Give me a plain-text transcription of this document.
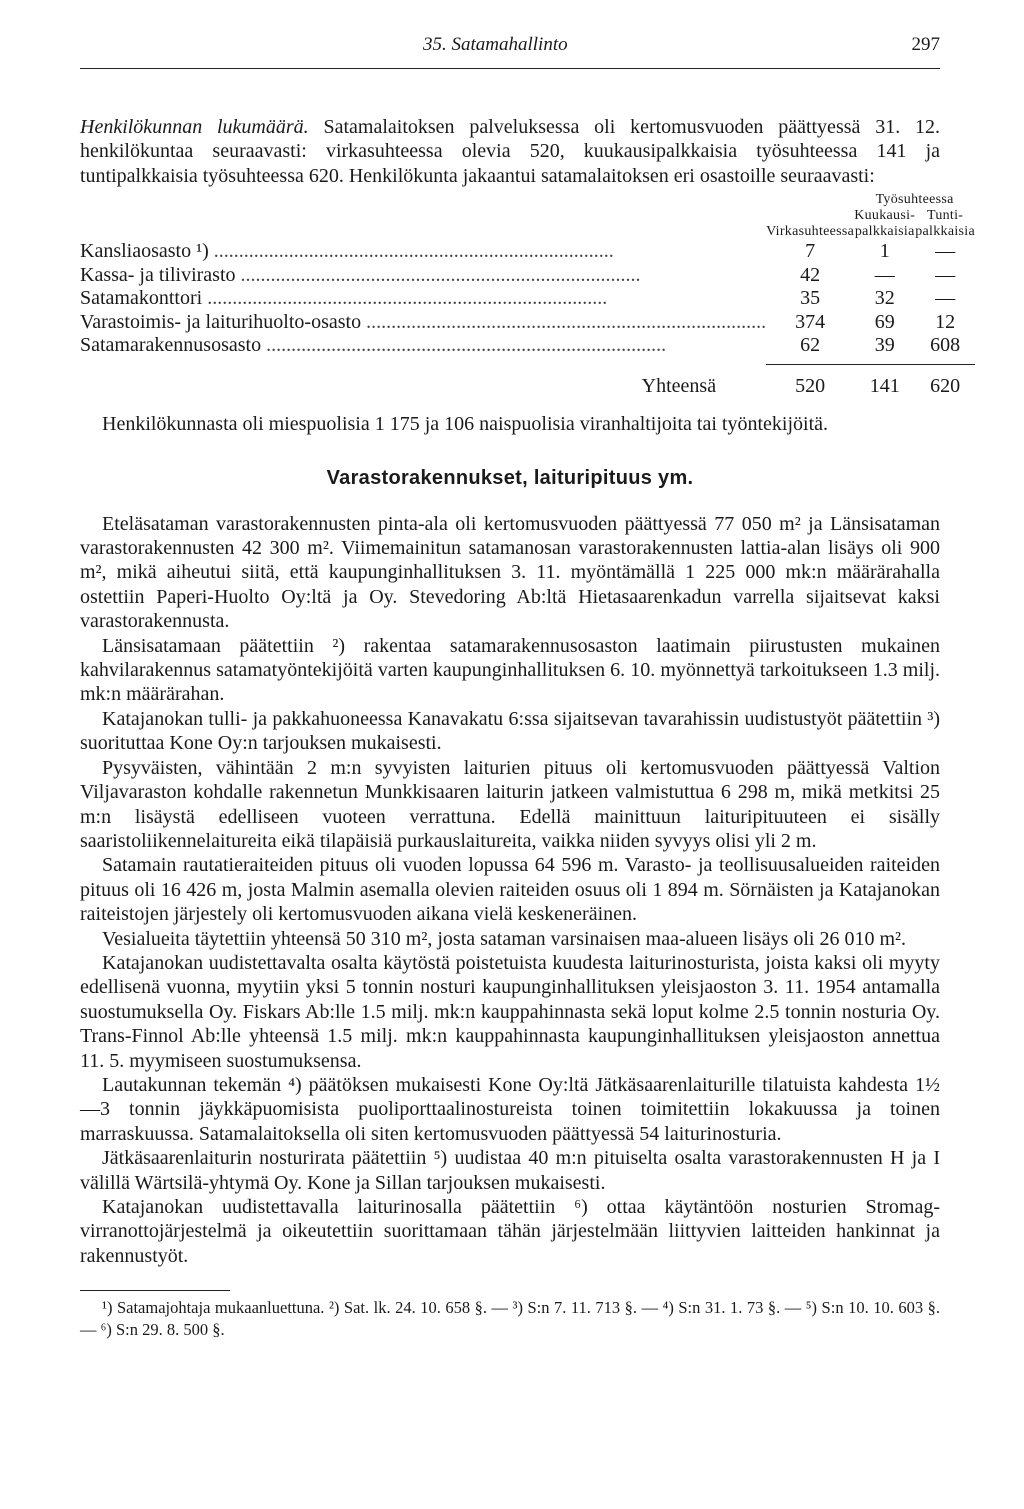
35. Satamahallinto	297

Henkilökunnan lukumäärä. Satamalaitoksen palveluksessa oli kertomusvuoden päättyessä 31. 12. henkilökuntaa seuraavasti: virkasuhteessa olevia 520, kuukausipalkkaisia työsuhteessa 141 ja tuntipalkkaisia työsuhteessa 620. Henkilökunta jakaantui satamalaitoksen eri osastoille seuraavasti:

		Työsuhteessa	
		Kuukausi-	Tunti-
	Virkasuhteessa	palkkaisia	palkkaisia
Kansliaosasto ¹) ................................................................................	7	1	—
Kassa- ja tilivirasto ................................................................................	42	—	—
Satamakonttori ................................................................................	35	32	—
Varastoimis- ja laiturihuolto-osasto ................................................................................	374	69	12
Satamarakennusosasto ................................................................................	62	39	608

Yhteensä	520	141	620

Henkilökunnasta oli miespuolisia 1 175 ja 106 naispuolisia viranhaltijoita tai työntekijöitä.

Varastorakennukset, laituripituus ym.

Eteläsataman varastorakennusten pinta-ala oli kertomusvuoden päättyessä 77 050 m² ja Länsisataman varastorakennusten 42 300 m². Viimemainitun satamanosan varastorakennusten lattia-alan lisäys oli 900 m², mikä aiheutui siitä, että kaupunginhallituksen 3. 11. myöntämällä 1 225 000 mk:n määrärahalla ostettiin Paperi-Huolto Oy:ltä ja Oy. Stevedoring Ab:ltä Hietasaarenkadun varrella sijaitsevat kaksi varastorakennusta.

Länsisatamaan päätettiin ²) rakentaa satamarakennusosaston laatimain piirustusten mukainen kahvilarakennus satamatyöntekijöitä varten kaupunginhallituksen 6. 10. myönnettyä tarkoitukseen 1.3 milj. mk:n määrärahan.

Katajanokan tulli- ja pakkahuoneessa Kanavakatu 6:ssa sijaitsevan tavarahissin uudistustyöt päätettiin ³) suorituttaa Kone Oy:n tarjouksen mukaisesti.

Pysyväisten, vähintään 2 m:n syvyisten laiturien pituus oli kertomusvuoden päättyessä Valtion Viljavaraston kohdalle rakennetun Munkkisaaren laiturin jatkeen valmistuttua 6 298 m, mikä metkitsi 25 m:n lisäystä edelliseen vuoteen verrattuna. Edellä mainittuun laituripituuteen ei sisälly saaristoliikennelaitureita eikä tilapäisiä purkauslaitureita, vaikka niiden syvyys olisi yli 2 m.

Satamain rautatieraiteiden pituus oli vuoden lopussa 64 596 m. Varasto- ja teollisuusalueiden raiteiden pituus oli 16 426 m, josta Malmin asemalla olevien raiteiden osuus oli 1 894 m. Sörnäisten ja Katajanokan raiteistojen järjestely oli kertomusvuoden aikana vielä keskeneräinen.

Vesialueita täytettiin yhteensä 50 310 m², josta sataman varsinaisen maa-alueen lisäys oli 26 010 m².

Katajanokan uudistettavalta osalta käytöstä poistetuista kuudesta laiturinosturista, joista kaksi oli myyty edellisenä vuonna, myytiin yksi 5 tonnin nosturi kaupunginhallituksen yleisjaoston 3. 11. 1954 antamalla suostumuksella Oy. Fiskars Ab:lle 1.5 milj. mk:n kauppahinnasta sekä loput kolme 2.5 tonnin nosturia Oy. Trans-Finnol Ab:lle yhteensä 1.5 milj. mk:n kauppahinnasta kaupunginhallituksen yleisjaoston annettua 11. 5. myymiseen suostumuksensa.

Lautakunnan tekemän ⁴) päätöksen mukaisesti Kone Oy:ltä Jätkäsaarenlaiturille tilatuista kahdesta 1½—3 tonnin jäykkäpuomisista puoliporttaalinostureista toinen toimitettiin lokakuussa ja toinen marraskuussa. Satamalaitoksella oli siten kertomusvuoden päättyessä 54 laiturinosturia.

Jätkäsaarenlaiturin nosturirata päätettiin ⁵) uudistaa 40 m:n pituiselta osalta varastorakennusten H ja I välillä Wärtsilä-yhtymä Oy. Kone ja Sillan tarjouksen mukaisesti.

Katajanokan uudistettavalla laiturinosalla päätettiin ⁶) ottaa käytäntöön nosturien Stromag-virranottojärjestelmä ja oikeutettiin suorittamaan tähän järjestelmään liittyvien laitteiden hankinnat ja rakennustyöt.

¹) Satamajohtaja mukaanluettuna. ²) Sat. lk. 24. 10. 658 §. — ³) S:n 7. 11. 713 §. — ⁴) S:n 31. 1. 73 §. — ⁵) S:n 10. 10. 603 §. — ⁶) S:n 29. 8. 500 §.
